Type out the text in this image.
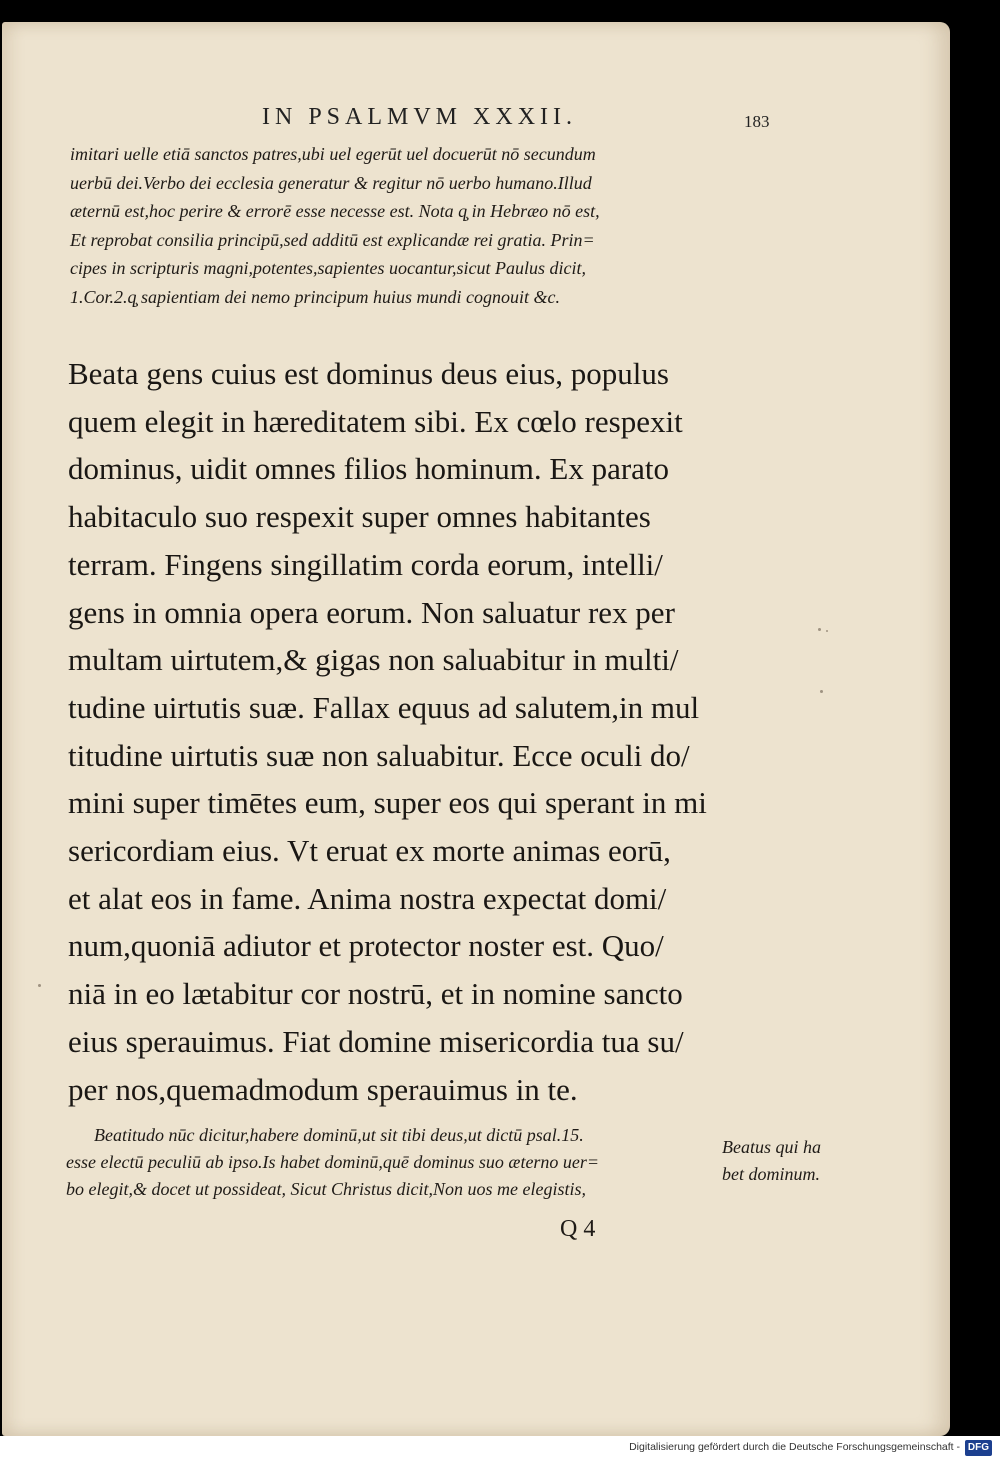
IN PSALMVM XXXII.	183
imitari uelle etiā sanctos patres,ubi uel egerūt uel docuerūt nō secundum
uerbū dei.Verbo dei ecclesia generatur & regitur nō uerbo humano.Illud
æternū est,hoc perire & errorē esse necesse est. Nota q̧ in Hebræo nō est,
Et reprobat consilia principū,sed additū est explicandæ rei gratia. Prin=
cipes in scripturis magni,potentes,sapientes uocantur,sicut Paulus dicit,
1.Cor.2.q̧ sapientiam dei nemo principum huius mundi cognouit &c.
Beata gens cuius est dominus deus eius, populus
quem elegit in hæreditatem sibi. Ex cœlo respexit
dominus, uidit omnes filios hominum. Ex parato
habitaculo suo respexit super omnes habitantes
terram. Fingens singillatim corda eorum, intelli/
gens in omnia opera eorum. Non saluatur rex per
multam uirtutem,& gigas non saluabitur in multi/
tudine uirtutis suæ. Fallax equus ad salutem,in mul
titudine uirtutis suæ non saluabitur. Ecce oculi do/
mini super timētes eum, super eos qui sperant in mi
sericordiam eius. Vt eruat ex morte animas eorū,
et alat eos in fame. Anima nostra expectat domi/
num,quoniā adiutor et protector noster est. Quo/
niā in eo lætabitur cor nostrū, et in nomine sancto
eius sperauimus. Fiat domine misericordia tua su/
per nos,quemadmodum sperauimus in te.
Beatitudo nūc dicitur,habere dominū,ut sit tibi deus,ut dictū psal.15.
esse electū peculiū ab ipso.Is habet dominū,quē dominus suo æterno uer=
bo elegit,& docet ut possideat, Sicut Christus dicit,Non uos me elegistis,
Beatus qui ha
bet dominum.
Q 4
Digitalisierung gefördert durch die Deutsche Forschungsgemeinschaft - DFG
